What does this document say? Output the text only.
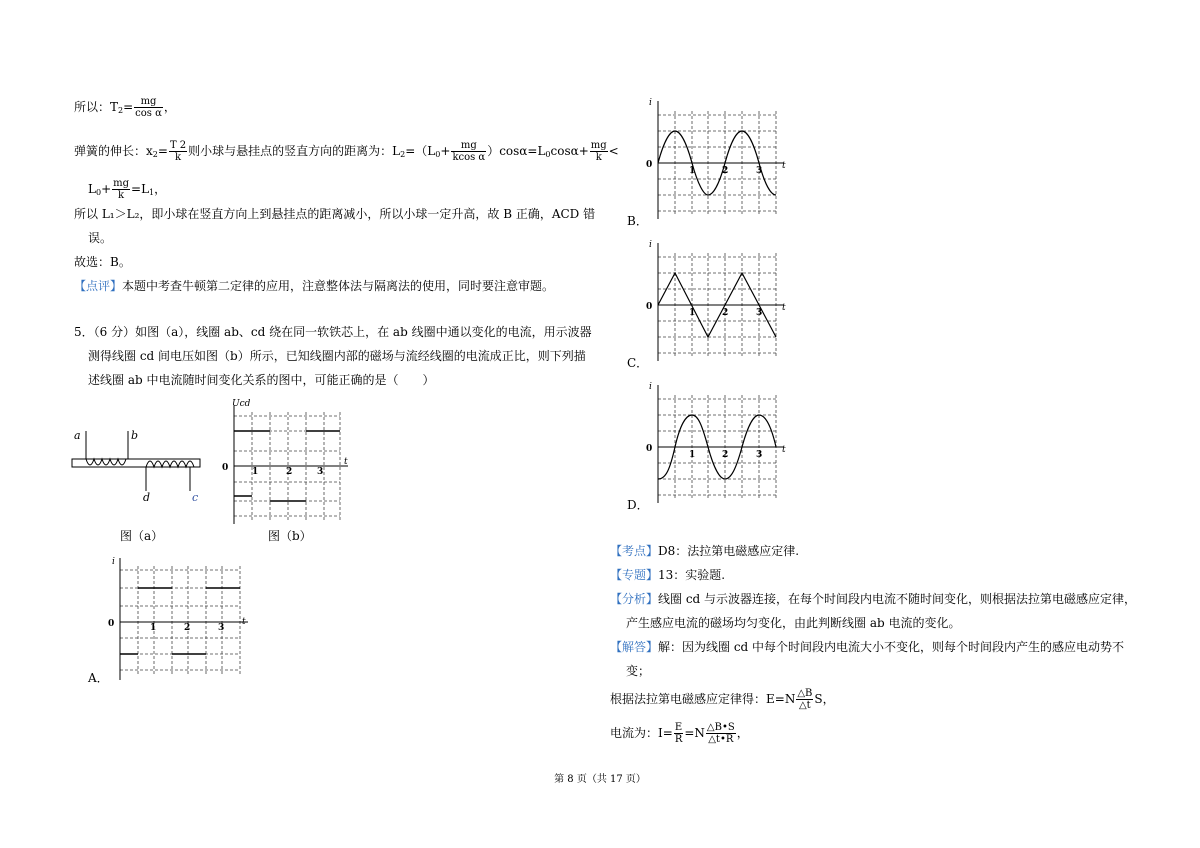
所以：$T_2= \frac{mg}{\text{cos α}}$ ，
弹簧的伸长：$x_2= \frac{T 2}{k}$ 则小球与悬挂点的竖直方向的距离为：$L_2=(L_0+ \frac{mg}{\text{kcos α}} )\cos\alpha=L_0\cos\alpha+ \frac{mg}{k}$ <
$L_0+ \frac{mg}{k} =L_1$，
所以 L₁＞L₂，即小球在竖直方向上到悬挂点的距离减小，所以小球一定升高，故 B 正确，ACD 错
误。
故选：B。
【点评】本题中考查牛顿第二定律的应用，注意整体法与隔离法的使用，同时要注意审题。
5．（6 分）如图（a），线圈 ab、cd 绕在同一软铁芯上，在 ab 线圈中通以变化的电流，用示波器
测得线圈 cd 间电压如图（b）所示，已知线圈内部的磁场与流经线圈的电流成正比，则下列描
述线圈 ab 中电流随时间变化关系的图中，可能正确的是（　　）
a	b
d	c
图（a）
Ucd
0	1	2	3
t
图（b）
i
0	1	2	3
t
A．
i
0
1	2	3 t
B．
i
0
1	2	3 t
C．
i
0
1	2	3 t
D．
【考点】D8：法拉第电磁感应定律.
【专题】13：实验题.
【分析】线圈 cd 与示波器连接，在每个时间段内电流不随时间变化，则根据法拉第电磁感应定律，
产生感应电流的磁场均匀变化，由此判断线圈 ab 电流的变化。
【解答】解：因为线圈 cd 中每个时间段内电流大小不变化，则每个时间段内产生的感应电动势不
变；
根据法拉第电磁感应定律得：$E=N \frac{\triangle B}{\triangle t}$ S，
电流为：$I= \frac{E}{R} =N \frac{\triangle B•S}{\triangle t•R}$ ，
第 8 页（共 17 页）
